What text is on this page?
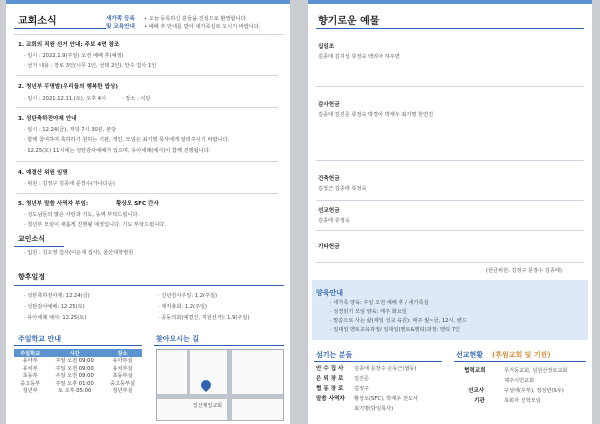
교회소식	새가족 등록
및 교육안내
• 오늘 등록하신 분들을 진심으로 환영합니다.
• 예배 후 안내를 받아 새가족실로 오시기 바랍니다.
1. 교회의 직원 선거 안내: 주보 4면 참조
· 일시 : 2022.1.9(주일) 오전 예배 후(예정)
· 선거 내용 : 장로 3인(시무 1인, 선택 2인), 안수 집사 1인
2. 청년부 무명발(우리들의 행복한 밥상)
· 일시 : 2021.12.11.(토), 오후 4시	· 장소 : 식당
3. 성탄축하전야제 안내
· 일시 : 12.24(금), 저녁 7시 30분, 본당
· 함께 참여하여 축하하기 원하는 기관, 개인, 모임은 최기명 목사에게 알려주시기 바랍니다.
· 12.25(토) 11시에는 성탄감사예배가 있으며, 유아세례(예식)이 함께 진행됩니다.
4. 예결산 위원 임명
· 위원 : 김정구 김종태 문장수(가나다순)
5. 청년부 말씀 사역자 부임:	황상오 SFC 간사
· 성도님들의 많은 사랑과 기도, 동역 부탁드립니다.
· 청년부 모임이 새롭게 진행될 예정입니다. 기도 부탁드립니다.
교인소식
· 입원 : 김소영 집사(이운재 집사), 울산대학병원
향후일정
· 성탄축하전야제: 12.24(금)
· 성탄감사예배: 12.25(토)
· 유아세례 예식: 12.25(토)
· 신년감사주일: 1.2(주일)
· 제직총회: 1.2(주일)
· 공동의회(예결산, 직원선거): 1.9(주일)
주일학교 안내
주일학교	시간	장소
유아부	주일 오전 09:00	유아부실
유치부	주일 오전 09:00	유치부실
초등부	주일 오전 09:00	초등부실
중고등부	주일 오후 01:00	중고등부실
청년부	토 오후 05:00	청년부실
찾아오시는 길
일산제일교회
향기로운 예물
십일조
김종태 김지성 류정숙 백리아 하우면
감사헌금
김종태 김진준 류정숙 박경아 박재우 최기명 한연진
건축헌금
김정근 김종태 류정숙
선교헌금
김종태 류정숙
기타헌금
(헌금위원: 김정구 문장수 김종태)
양육안내
· 새가족 양육: 주일 오전 예배 후 / 새가족실
· 성경읽기 모임 양육: 매주 화요일
· 말씀으로 사는 삶(제일 성교 육원): 매주 월~금, 12시, 밴드
· 일대일 멘토교육과정/ 일대일(멘토&멘티)과정: 멘티 7인
섬기는 분들
안 수 집 사 김종태 문장수 손동근(협동)
은 퇴 장 로 김진준
협 동 장 로 김정구
말씀 사역자 황상오(SFC), 박재우 전도사
최기명(담임목사)
선교현황 (후원교회 및 기관)
협력교회	무거동교회, 넘원산정로교회
제주시민교회
선교사	구성태(우부), 정성빈(S우)
기관	목회자 신학모임
